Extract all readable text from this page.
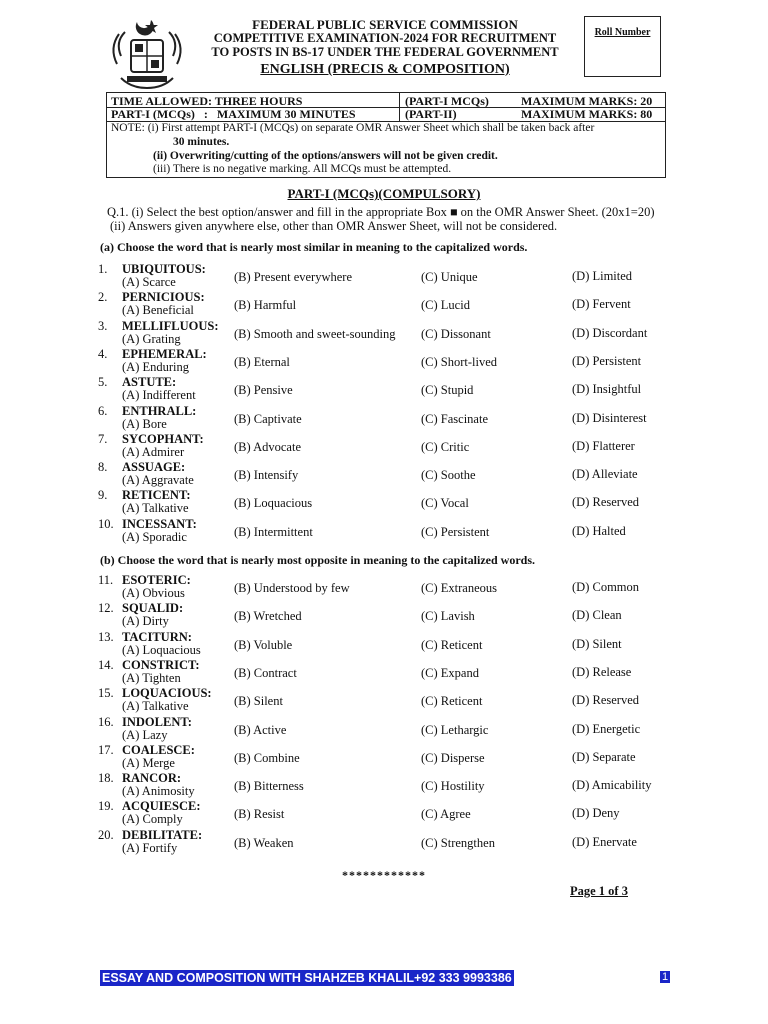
FEDERAL PUBLIC SERVICE COMMISSION
COMPETITIVE EXAMINATION-2024 FOR RECRUITMENT
TO POSTS IN BS-17 UNDER THE FEDERAL GOVERNMENT
ENGLISH (PRECIS & COMPOSITION)
Roll Number
TIME ALLOWED: THREE HOURS	(PART-I MCQs)	MAXIMUM MARKS: 20
PART-I (MCQs)   :   MAXIMUM 30 MINUTES	(PART-II)	MAXIMUM MARKS: 80
NOTE: (i) First attempt PART-I (MCQs) on separate OMR Answer Sheet which shall be taken back after
30 minutes.
(ii) Overwriting/cutting of the options/answers will not be given credit.
(iii) There is no negative marking. All MCQs must be attempted.
PART-I (MCQs)(COMPULSORY)
Q.1. (i) Select the best option/answer and fill in the appropriate Box ■ on the OMR Answer Sheet. (20x1=20)
(ii) Answers given anywhere else, other than OMR Answer Sheet, will not be considered.
(a) Choose the word that is nearly most similar in meaning to the capitalized words.
1.	UBIQUITOUS:
(A) Scarce	(B) Present everywhere	(C) Unique	(D) Limited
2.	PERNICIOUS:
(A) Beneficial	(B) Harmful	(C) Lucid	(D) Fervent
3.	MELLIFLUOUS:
(A) Grating	(B) Smooth and sweet-sounding (C) Dissonant	(D) Discordant
4.	EPHEMERAL:
(A) Enduring	(B) Eternal	(C) Short-lived	(D) Persistent
5.	ASTUTE:
(A) Indifferent	(B) Pensive	(C) Stupid	(D) Insightful
6.	ENTHRALL:
(A) Bore	(B) Captivate	(C) Fascinate	(D) Disinterest
7.	SYCOPHANT:
(A) Admirer	(B) Advocate	(C) Critic	(D) Flatterer
8.	ASSUAGE:
(A) Aggravate	(B) Intensify	(C) Soothe	(D) Alleviate
9.	RETICENT:
(A) Talkative	(B) Loquacious	(C) Vocal	(D) Reserved
10. INCESSANT:
(A) Sporadic	(B) Intermittent	(C) Persistent	(D) Halted
(b) Choose the word that is nearly most opposite in meaning to the capitalized words.
11. ESOTERIC:
(A) Obvious	(B) Understood by few	(C) Extraneous	(D) Common
12. SQUALID:
(A) Dirty	(B) Wretched	(C) Lavish	(D) Clean
13. TACITURN:
(A) Loquacious	(B) Voluble	(C) Reticent	(D) Silent
14. CONSTRICT:
(A) Tighten	(B) Contract	(C) Expand	(D) Release
15. LOQUACIOUS:
(A) Talkative	(B) Silent	(C) Reticent	(D) Reserved
16. INDOLENT:
(A) Lazy	(B) Active	(C) Lethargic	(D) Energetic
17. COALESCE:
(A) Merge	(B) Combine	(C) Disperse	(D) Separate
18. RANCOR:
(A) Animosity	(B) Bitterness	(C) Hostility	(D) Amicability
19. ACQUIESCE:
(A) Comply	(B) Resist	(C) Agree	(D) Deny
20. DEBILITATE:
(A) Fortify	(B) Weaken	(C) Strengthen	(D) Enervate
************
Page 1 of 3
ESSAY AND COMPOSITION WITH SHAHZEB KHALIL+92 333 9993386	1
